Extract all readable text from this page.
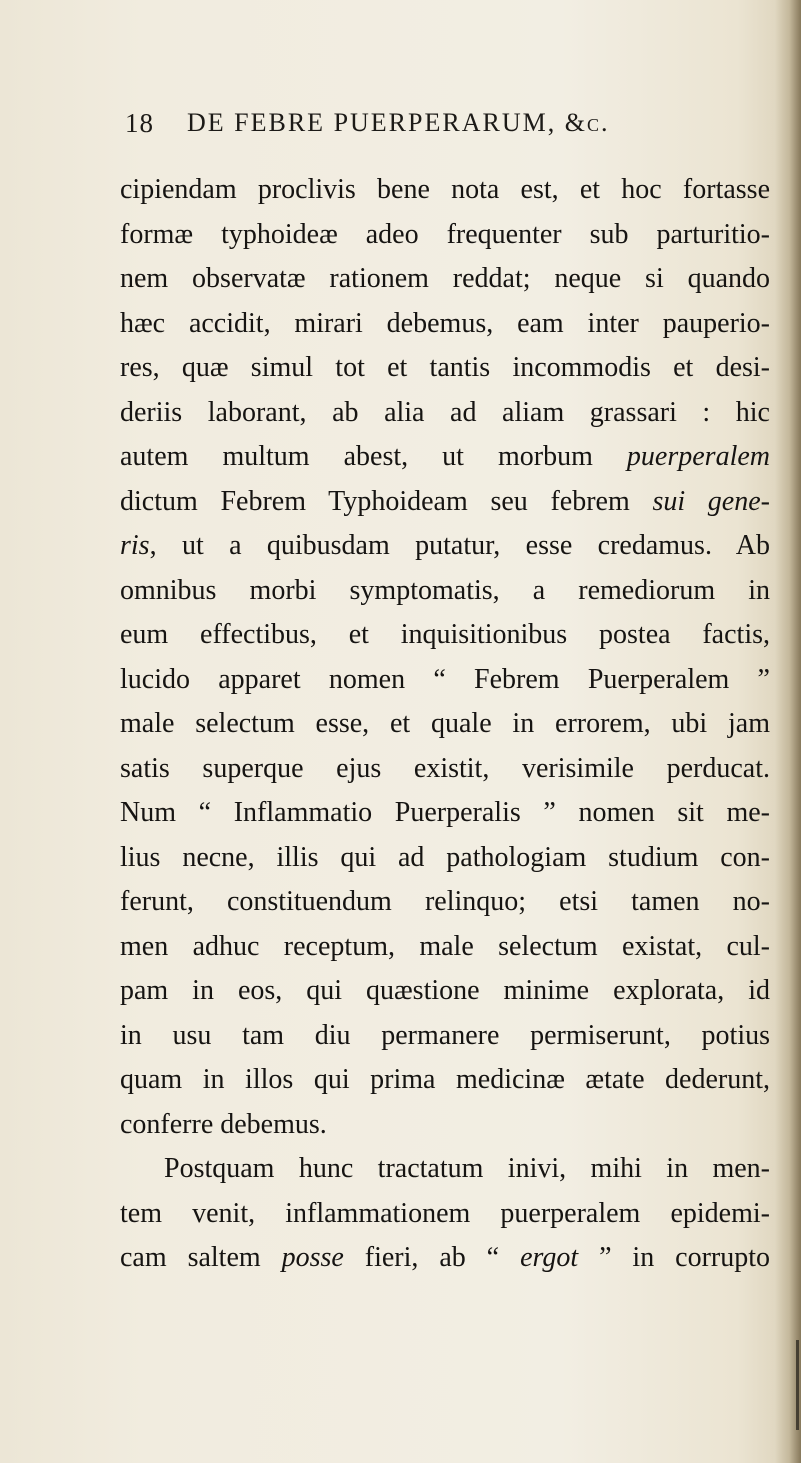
18 DE FEBRE PUERPERARUM, &c.
cipiendam proclivis bene nota est, et hoc fortasse
formæ typhoideæ adeo frequenter sub parturitio-
nem observatæ rationem reddat; neque si quando
hæc accidit, mirari debemus, eam inter pauperio-
res, quæ simul tot et tantis incommodis et desi-
deriis laborant, ab alia ad aliam grassari : hic
autem multum abest, ut morbum puerperalem
dictum Febrem Typhoideam seu febrem sui gene-
ris, ut a quibusdam putatur, esse credamus. Ab
omnibus morbi symptomatis, a remediorum in
eum effectibus, et inquisitionibus postea factis,
lucido apparet nomen “ Febrem Puerperalem ”
male selectum esse, et quale in errorem, ubi jam
satis superque ejus existit, verisimile perducat.
Num “ Inflammatio Puerperalis ” nomen sit me-
lius necne, illis qui ad pathologiam studium con-
ferunt, constituendum relinquo; etsi tamen no-
men adhuc receptum, male selectum existat, cul-
pam in eos, qui quæstione minime explorata, id
in usu tam diu permanere permiserunt, potius
quam in illos qui prima medicinæ ætate dederunt,
conferre debemus.
Postquam hunc tractatum inivi, mihi in men-
tem venit, inflammationem puerperalem epidemi-
cam saltem posse fieri, ab “ ergot ” in corrupto
